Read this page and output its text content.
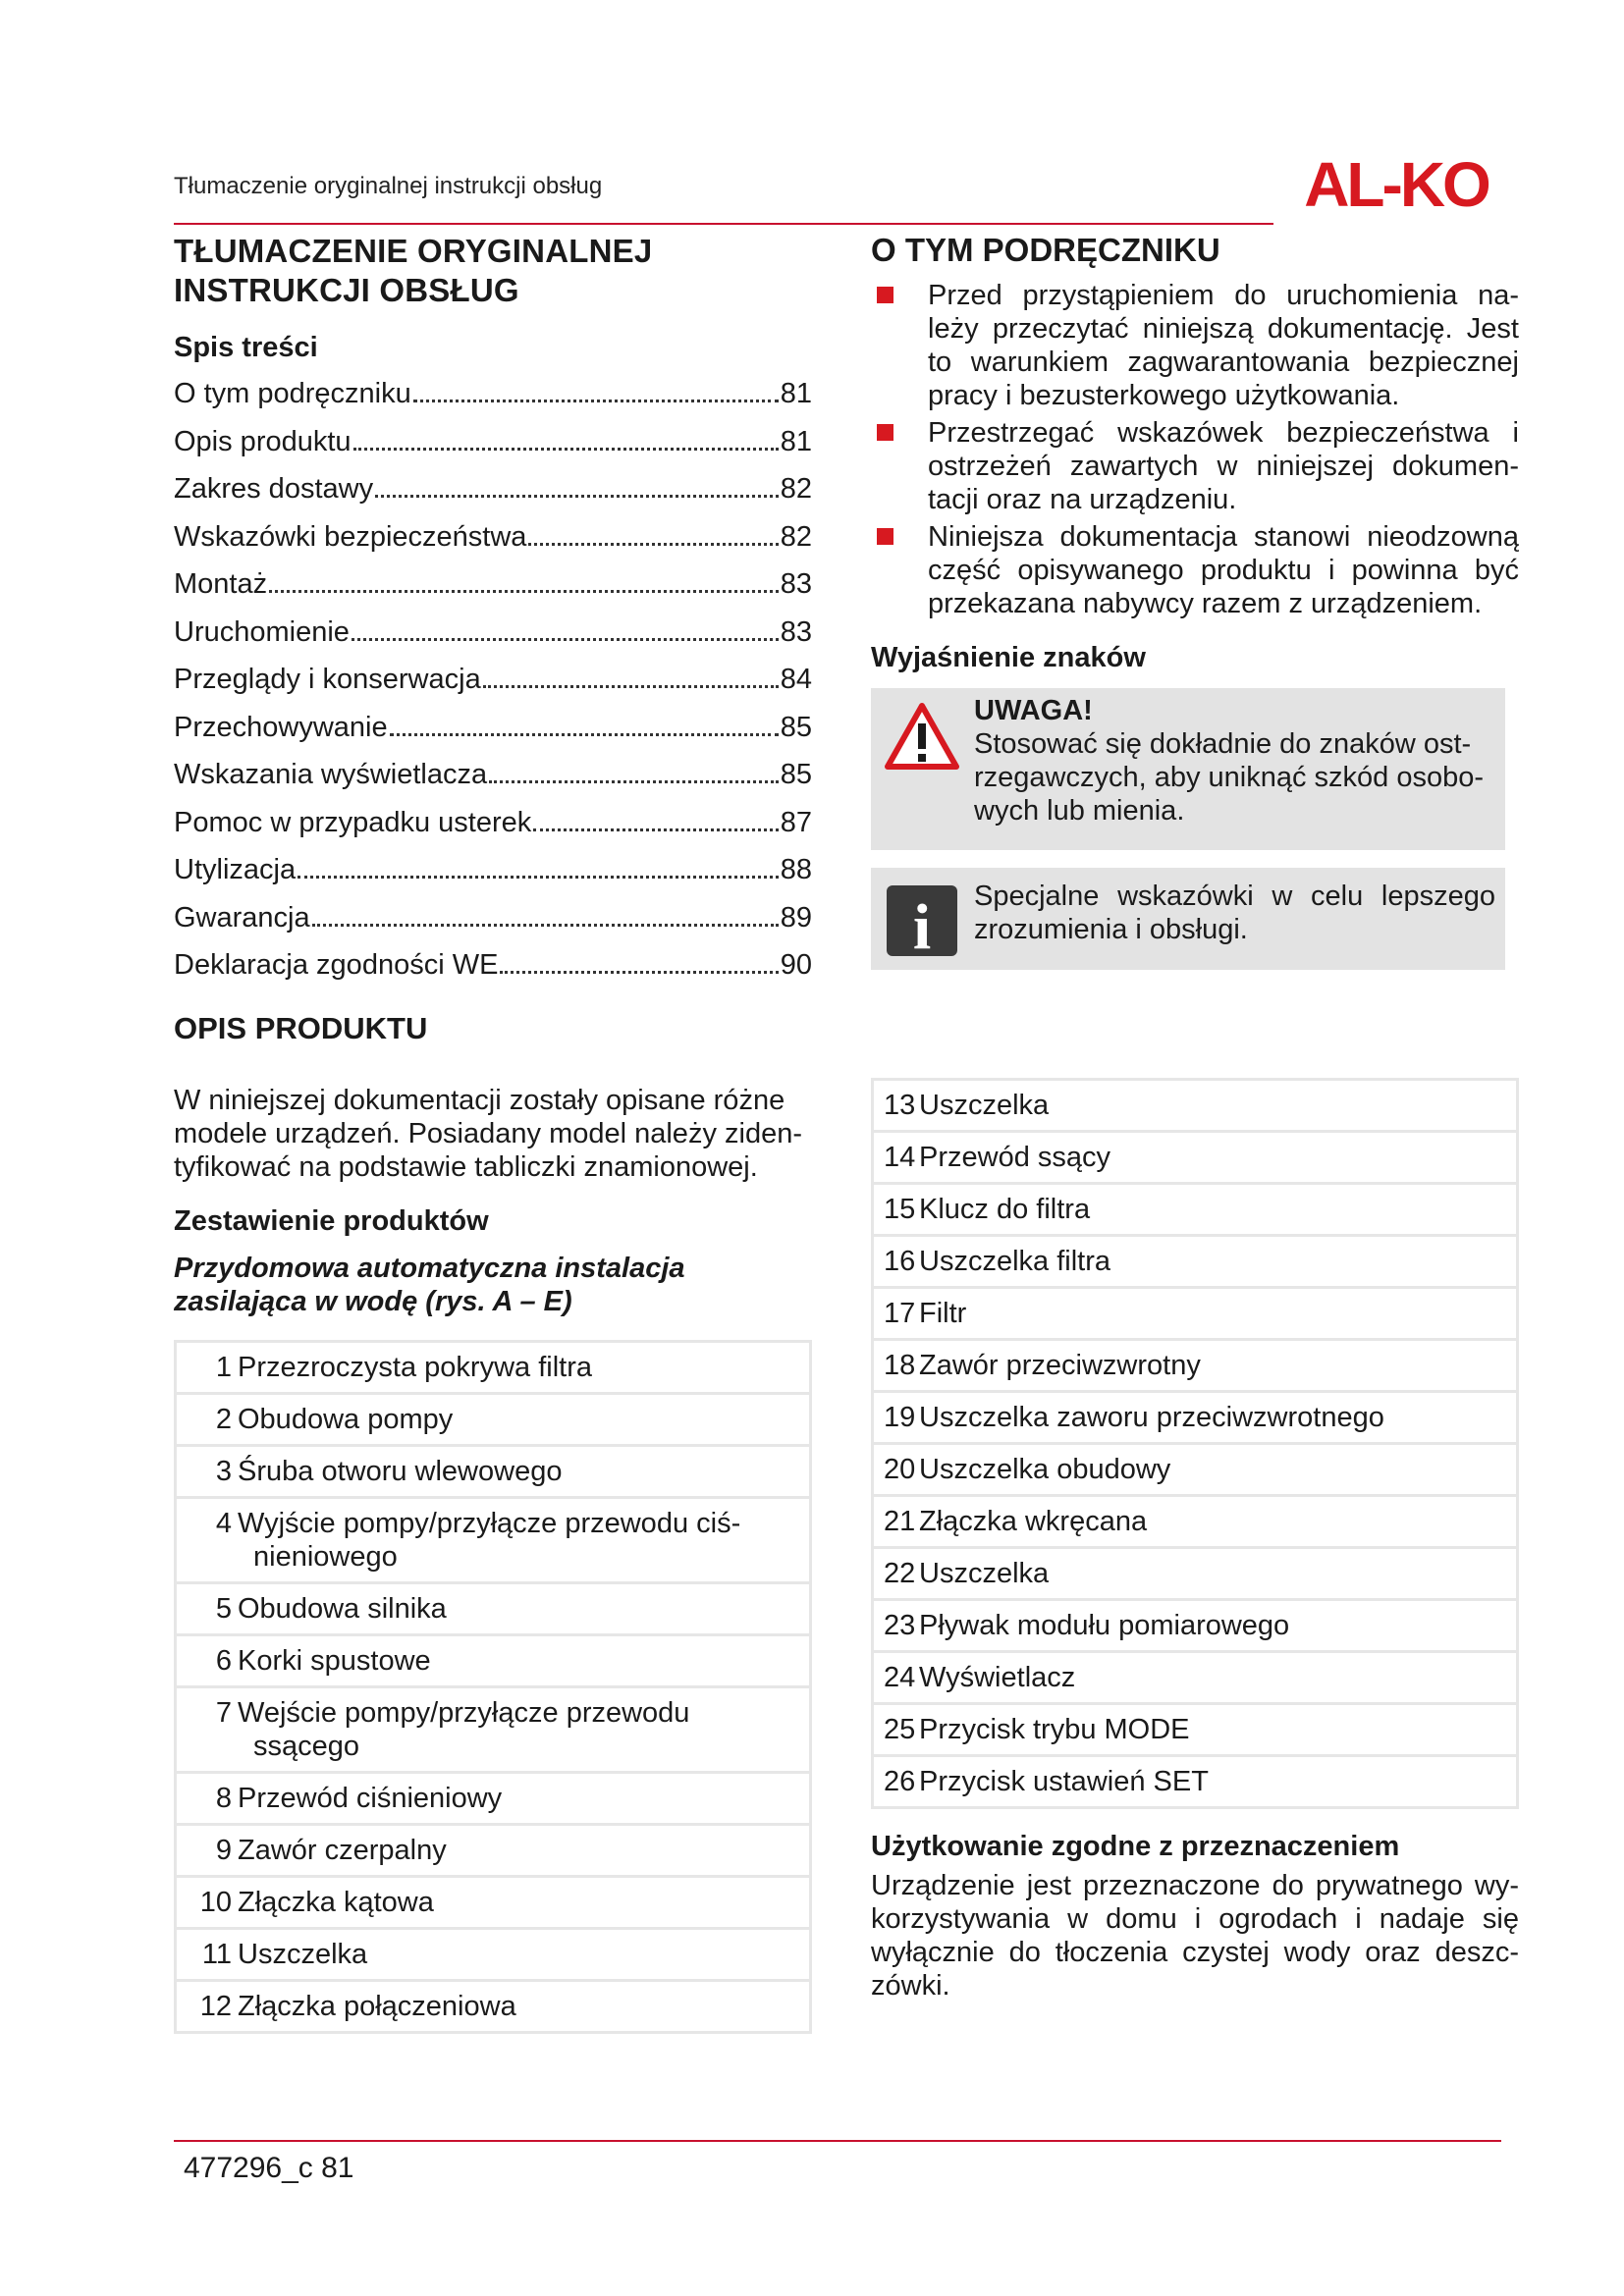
Tłumaczenie oryginalnej instrukcji obsług	AL-KO
TŁUMACZENIE ORYGINALNEJ
INSTRUKCJI OBSŁUG
Spis treści
O tym podręczniku	81
Opis produktu	81
Zakres dostawy	82
Wskazówki bezpieczeństwa	82
Montaż	83
Uruchomienie	83
Przeglądy i konserwacja	84
Przechowywanie	85
Wskazania wyświetlacza	85
Pomoc w przypadku usterek	87
Utylizacja	88
Gwarancja	89
Deklaracja zgodności WE	90
OPIS PRODUKTU
W niniejszej dokumentacji zostały opisane różne
modele urządzeń. Posiadany model należy ziden-
tyfikować na podstawie tabliczki znamionowej.
Zestawienie produktów
Przydomowa automatyczna instalacja
zasilająca w wodę (rys. A – E)
1 Przezroczysta pokrywa filtra

2 Obudowa pompy

3 Śruba otworu wlewowego

4 Wyjście pompy/przyłącze przewodu ciś-
nieniowego

5 Obudowa silnika

6 Korki spustowe

7 Wejście pompy/przyłącze przewodu
ssącego

8 Przewód ciśnieniowy

9 Zawór czerpalny

10 Złączka kątowa

11 Uszczelka

12 Złączka połączeniowa
O TYM PODRĘCZNIKU
Przed przystąpieniem do uruchomienia na-
leży przeczytać niniejszą dokumentację. Jest
to warunkiem zagwarantowania bezpiecznej
pracy i bezusterkowego użytkowania.
Przestrzegać wskazówek bezpieczeństwa i
ostrzeżeń zawartych w niniejszej dokumen-
tacji oraz na urządzeniu.
Niniejsza dokumentacja stanowi nieodzowną
część opisywanego produktu i powinna być
przekazana nabywcy razem z urządzeniem.
Wyjaśnienie znaków
UWAGA!
Stosować się dokładnie do znaków ost-
rzegawczych, aby uniknąć szkód osobo-
wych lub mienia.
i Specjalne wskazówki w celu lepszego
zrozumienia i obsługi.
13 Uszczelka

14 Przewód ssący

15 Klucz do filtra

16 Uszczelka filtra

17 Filtr

18 Zawór przeciwzwrotny

19 Uszczelka zaworu przeciwzwrotnego

20 Uszczelka obudowy

21 Złączka wkręcana

22 Uszczelka

23 Pływak modułu pomiarowego

24 Wyświetlacz

25 Przycisk trybu MODE

26 Przycisk ustawień SET
Użytkowanie zgodne z przeznaczeniem
Urządzenie jest przeznaczone do prywatnego wy-
korzystywania w domu i ogrodach i nadaje się
wyłącznie do tłoczenia czystej wody oraz deszc-
zówki.
477296_c 81
